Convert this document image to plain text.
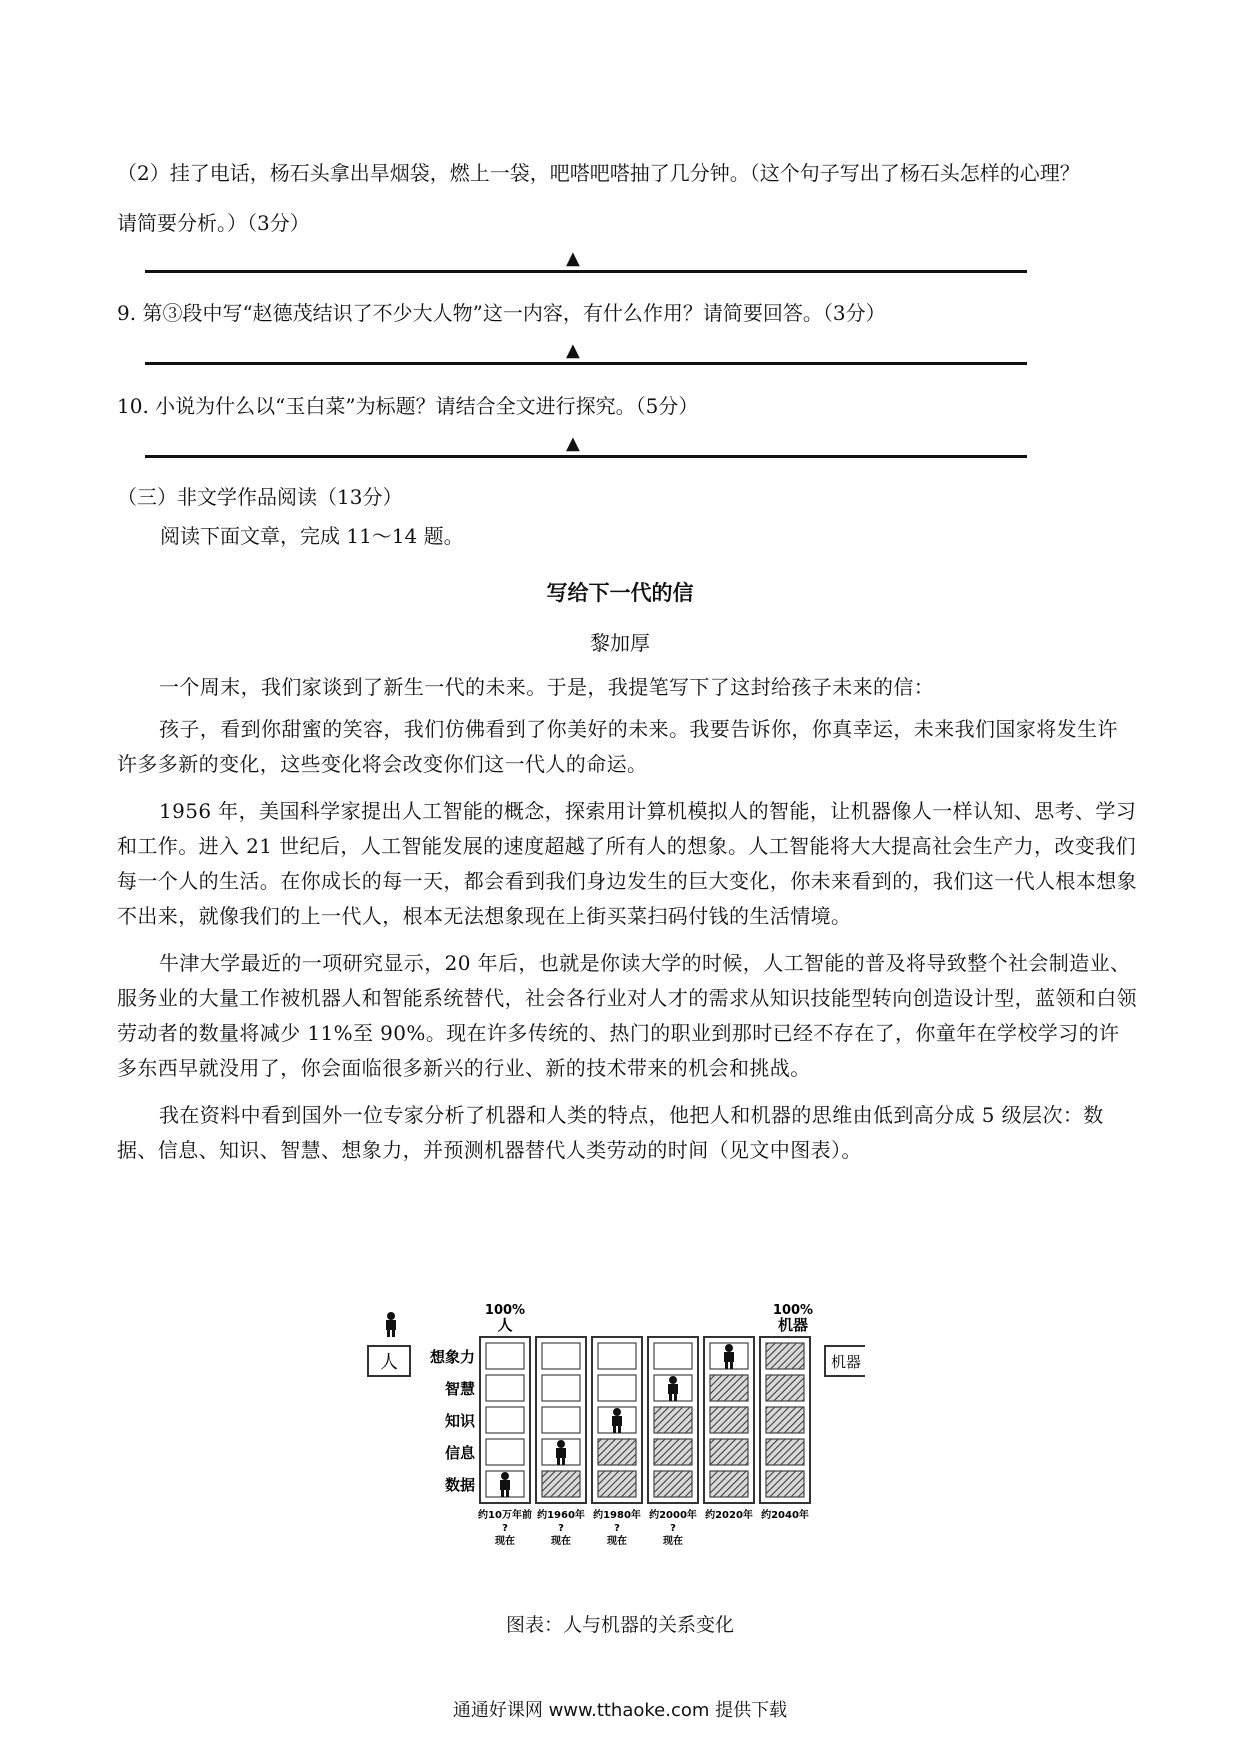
（2）挂了电话，杨石头拿出旱烟袋，燃上一袋，吧嗒吧嗒抽了几分钟。（这个句子写出了杨石头怎样的心理？
请简要分析。）（3分）
▲
9. 第③段中写“赵德茂结识了不少大人物”这一内容，有什么作用？请简要回答。（3分）
▲
10. 小说为什么以“玉白菜”为标题？请结合全文进行探究。（5分）
▲
（三）非文学作品阅读（13分）
阅读下面文章，完成 11～14 题。
写给下一代的信
黎加厚

一个周末，我们家谈到了新生一代的未来。于是，我提笔写下了这封给孩子未来的信：

孩子，看到你甜蜜的笑容，我们仿佛看到了你美好的未来。我要告诉你，你真幸运，未来我们国家将发生许许多多新的变化，这些变化将会改变你们这一代人的命运。

1956 年，美国科学家提出人工智能的概念，探索用计算机模拟人的智能，让机器像人一样认知、思考、学习和工作。进入 21 世纪后，人工智能发展的速度超越了所有人的想象。人工智能将大大提高社会生产力，改变我们每一个人的生活。在你成长的每一天，都会看到我们身边发生的巨大变化，你未来看到的，我们这一代人根本想象不出来，就像我们的上一代人，根本无法想象现在上街买菜扫码付钱的生活情境。

牛津大学最近的一项研究显示，20 年后，也就是你读大学的时候，人工智能的普及将导致整个社会制造业、服务业的大量工作被机器人和智能系统替代，社会各行业对人才的需求从知识技能型转向创造设计型，蓝领和白领劳动者的数量将减少 11%至 90%。现在许多传统的、热门的职业到那时已经不存在了，你童年在学校学习的许多东西早就没用了，你会面临很多新兴的行业、新的技术带来的机会和挑战。

我在资料中看到国外一位专家分析了机器和人类的特点，他把人和机器的思维由低到高分成 5 级层次：数据、信息、知识、智慧、想象力，并预测机器替代人类劳动的时间（见文中图表）。

100%
人
100%
机器
人	机器
想象力
智慧
知识
信息
数据
约10万年前
?
现在
约1960年
?
现在
约1980年
?
现在
约2000年
?
现在
约2020年 约2040年
图表：人与机器的关系变化
通通好课网 www.tthaoke.com 提供下载
